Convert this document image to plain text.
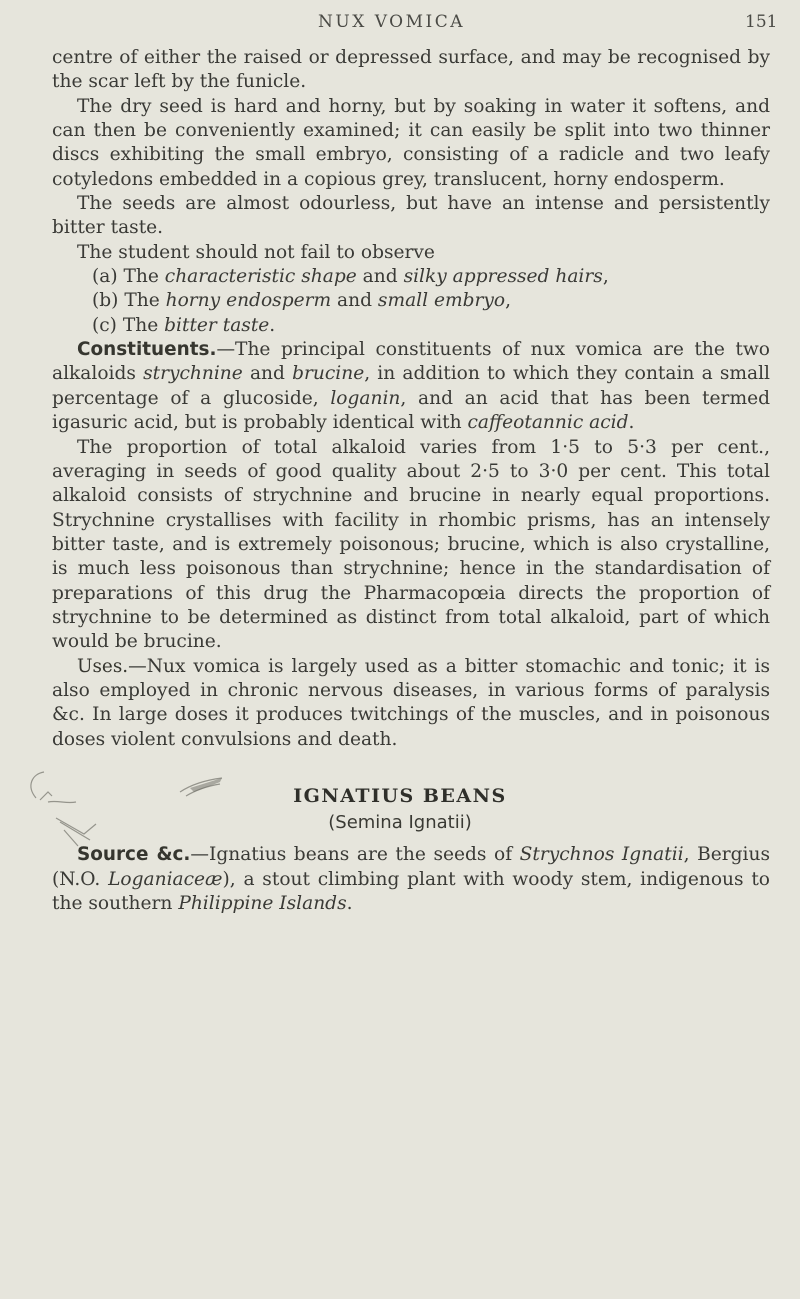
NUX VOMICA	151

centre of either the raised or depressed surface, and may be recognised by the scar left by the funicle.

The dry seed is hard and horny, but by soaking in water it softens, and can then be conveniently examined; it can easily be split into two thinner discs exhibiting the small embryo, consisting of a radicle and two leafy cotyledons embedded in a copious grey, translucent, horny endosperm.

The seeds are almost odourless, but have an intense and persistently bitter taste.

The student should not fail to observe

(a) The characteristic shape and silky appressed hairs,

(b) The horny endosperm and small embryo,

(c) The bitter taste.

Constituents.—The principal constituents of nux vomica are the two alkaloids strychnine and brucine, in addition to which they contain a small percentage of a glucoside, loganin, and an acid that has been termed igasuric acid, but is probably identical with caffeotannic acid.

The proportion of total alkaloid varies from 1·5 to 5·3 per cent., averaging in seeds of good quality about 2·5 to 3·0 per cent. This total alkaloid consists of strychnine and brucine in nearly equal proportions. Strychnine crystallises with facility in rhombic prisms, has an intensely bitter taste, and is extremely poisonous; brucine, which is also crystalline, is much less poisonous than strychnine; hence in the standardisation of preparations of this drug the Pharmacopœia directs the proportion of strychnine to be determined as distinct from total alkaloid, part of which would be brucine.

Uses.—Nux vomica is largely used as a bitter stomachic and tonic; it is also employed in chronic nervous diseases, in various forms of paralysis &c. In large doses it produces twitchings of the muscles, and in poisonous doses violent convulsions and death.

IGNATIUS BEANS
(Semina Ignatii)

Source &c.—Ignatius beans are the seeds of Strychnos Ignatii, Bergius (N.O. Loganiaceæ), a stout climbing plant with woody stem, indigenous to the southern Philippine Islands.
